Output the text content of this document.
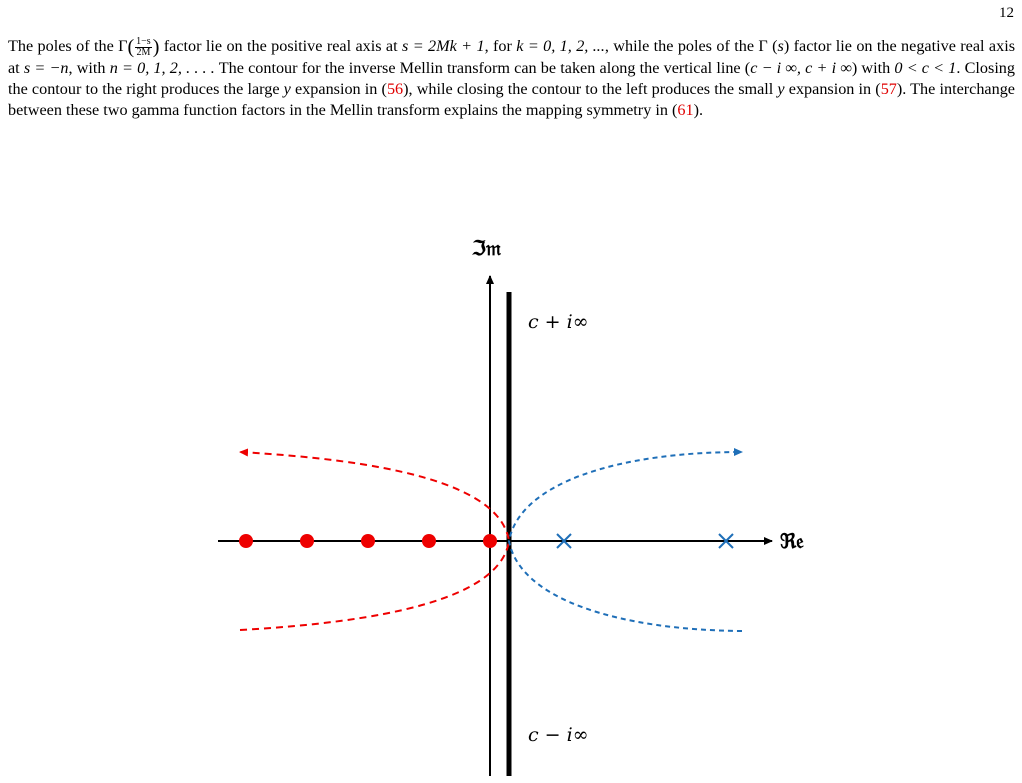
12
The poles of the $\Gamma( \frac{1-s}{2M}$ ) factor lie on the positive real axis at s = 2Mk + 1, for k = 0, 1, 2, ..., while the poles of the Γ (s) factor lie on the negative real axis at s = −n, with n = 0, 1, 2, . . . . The contour for the inverse Mellin transform can be taken along the vertical line (c − i ∞, c + i ∞) with 0 < c < 1. Closing the contour to the right produces the large y expansion in (56), while closing the contour to the left produces the small y expansion in (57). The interchange between these two gamma function factors in the Mellin transform explains the mapping symmetry in (61).
ℑ𝔪
ℜ𝔢
c + i∞
c − i∞
